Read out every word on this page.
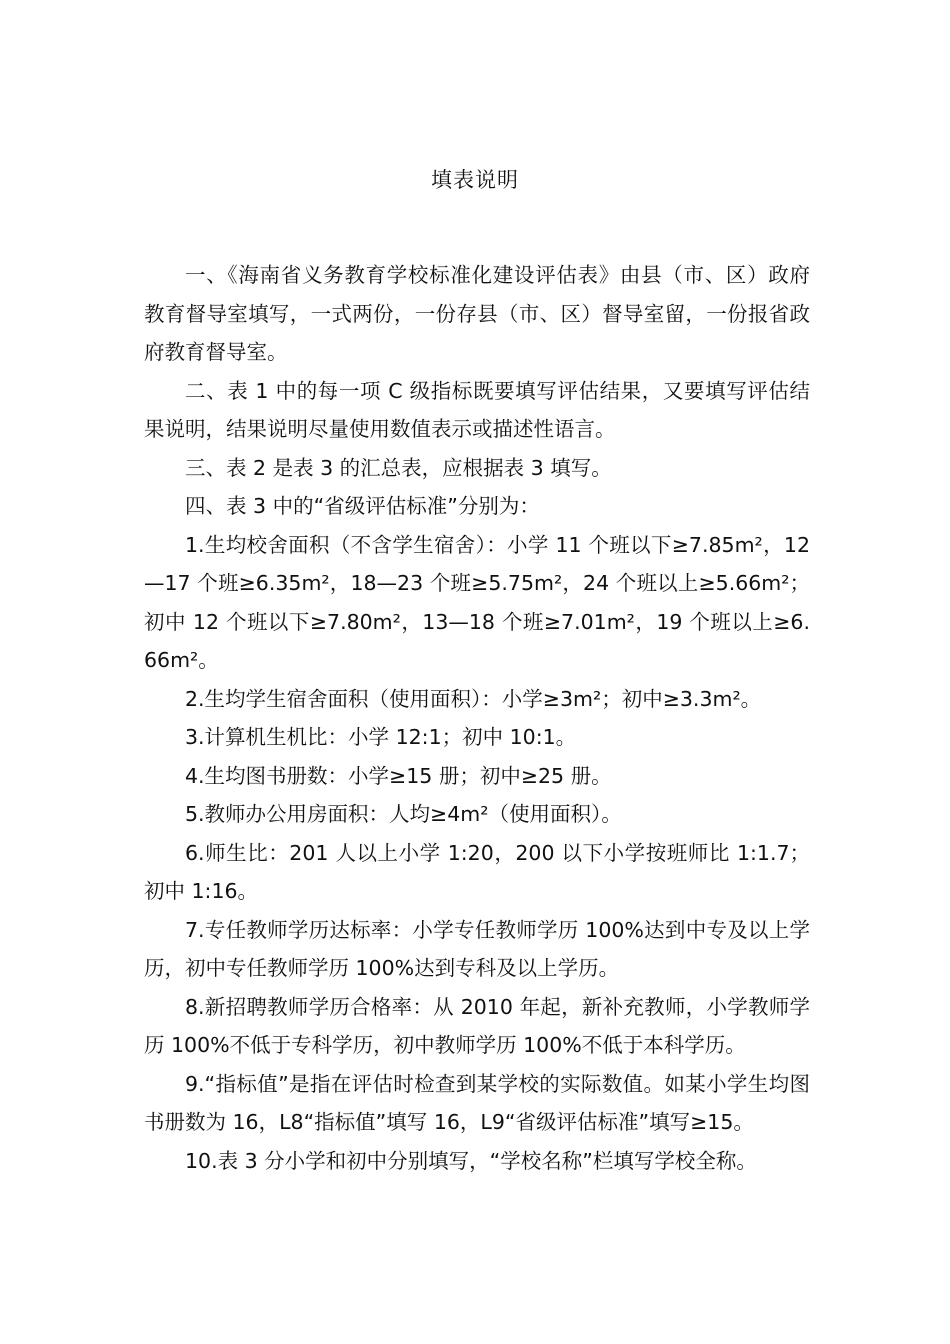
填表说明

一、《海南省义务教育学校标准化建设评估表》由县（市、区）政府教育督导室填写，一式两份，一份存县（市、区）督导室留，一份报省政府教育督导室。

二、表 1 中的每一项 C 级指标既要填写评估结果，又要填写评估结果说明，结果说明尽量使用数值表示或描述性语言。

三、表 2 是表 3 的汇总表，应根据表 3 填写。

四、表 3 中的“省级评估标准”分别为：

1.生均校舍面积（不含学生宿舍）：小学 11 个班以下≥7.85m²，12—17 个班≥6.35m²，18—23 个班≥5.75m²，24 个班以上≥5.66m²；初中 12 个班以下≥7.80m²，13—18 个班≥7.01m²，19 个班以上≥6.66m²。

2.生均学生宿舍面积（使用面积）：小学≥3m²；初中≥3.3m²。

3.计算机生机比：小学 12:1；初中 10:1。

4.生均图书册数：小学≥15 册；初中≥25 册。

5.教师办公用房面积：人均≥4m²（使用面积）。

6.师生比：201 人以上小学 1:20，200 以下小学按班师比 1:1.7；初中 1:16。

7.专任教师学历达标率：小学专任教师学历 100%达到中专及以上学历，初中专任教师学历 100%达到专科及以上学历。

8.新招聘教师学历合格率：从 2010 年起，新补充教师，小学教师学历 100%不低于专科学历，初中教师学历 100%不低于本科学历。

9.“指标值”是指在评估时检查到某学校的实际数值。如某小学生均图书册数为 16，L8“指标值”填写 16，L9“省级评估标准”填写≥15。

10.表 3 分小学和初中分别填写，“学校名称”栏填写学校全称。
